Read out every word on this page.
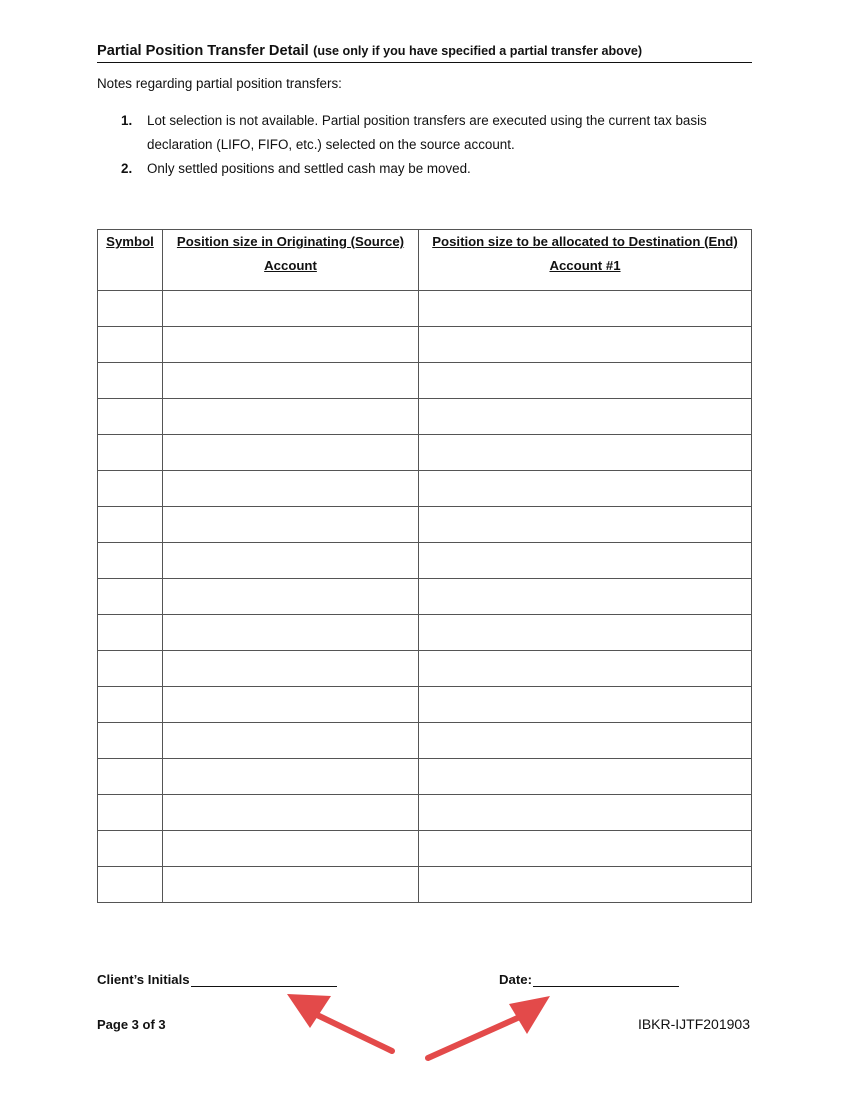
Partial Position Transfer Detail (use only if you have specified a partial transfer above)
Notes regarding partial position transfers:
1.	Lot selection is not available. Partial position transfers are executed using the current tax basis declaration (LIFO, FIFO, etc.) selected on the source account.
2.	Only settled positions and settled cash may be moved.
Symbol	Position size in Originating (Source) Account	Position size to be allocated to Destination (End) Account #1

Client’s Initials	Date:
Page 3 of 3	IBKR-IJTF201903
